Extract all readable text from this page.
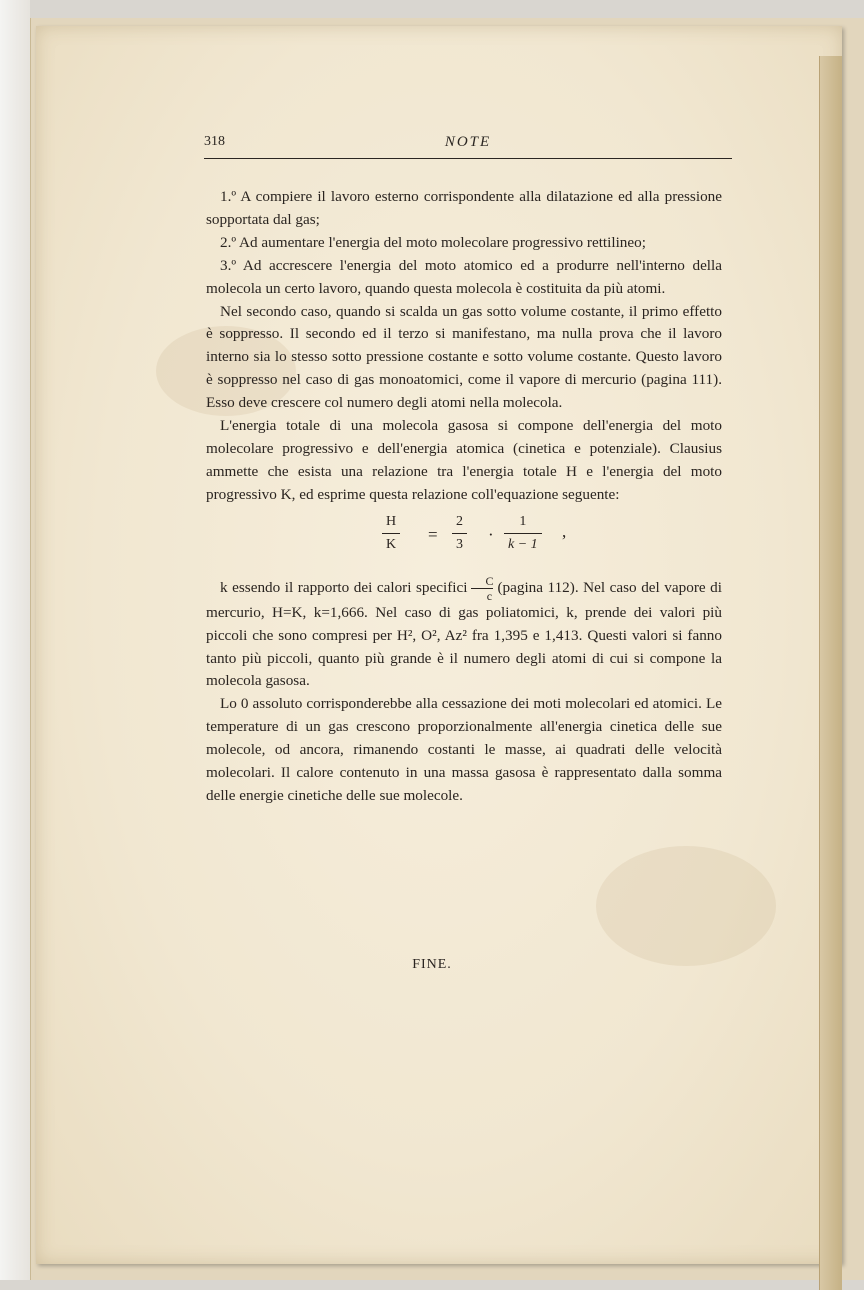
318	NOTE

1.º A compiere il lavoro esterno corrispondente alla dilatazione ed alla pressione sopportata dal gas;

2.º Ad aumentare l'energia del moto molecolare progressivo rettilineo;

3.º Ad accrescere l'energia del moto atomico ed a produrre nell'interno della molecola un certo lavoro, quando questa molecola è costituita da più atomi.

Nel secondo caso, quando si scalda un gas sotto volume costante, il primo effetto è soppresso. Il secondo ed il terzo si manifestano, ma nulla prova che il lavoro interno sia lo stesso sotto pressione costante e sotto volume costante. Questo lavoro è soppresso nel caso di gas monoatomici, come il vapore di mercurio (pagina 111). Esso deve crescere col numero degli atomi nella molecola.

L'energia totale di una molecola gasosa si compone dell'energia del moto molecolare progressivo e dell'energia atomica (cinetica e potenziale). Clausius ammette che esista una relazione tra l'energia totale H e l'energia del moto progressivo K, ed esprime questa relazione coll'equazione seguente:

H
K
=
2
3
·
1
k − 1
,

k essendo il rapporto dei calori specifici $\frac{C}{c}$ (pagina 112). Nel caso del vapore di mercurio, H=K, k=1,666. Nel caso di gas poliatomici, k, prende dei valori più piccoli che sono compresi per H², O², Az² fra 1,395 e 1,413. Questi valori si fanno tanto più piccoli, quanto più grande è il numero degli atomi di cui si compone la molecola gasosa.

Lo 0 assoluto corrisponderebbe alla cessazione dei moti molecolari ed atomici. Le temperature di un gas crescono proporzionalmente all'energia cinetica delle sue molecole, od ancora, rimanendo costanti le masse, ai quadrati delle velocità molecolari. Il calore contenuto in una massa gasosa è rappresentato dalla somma delle energie cinetiche delle sue molecole.

FINE.
